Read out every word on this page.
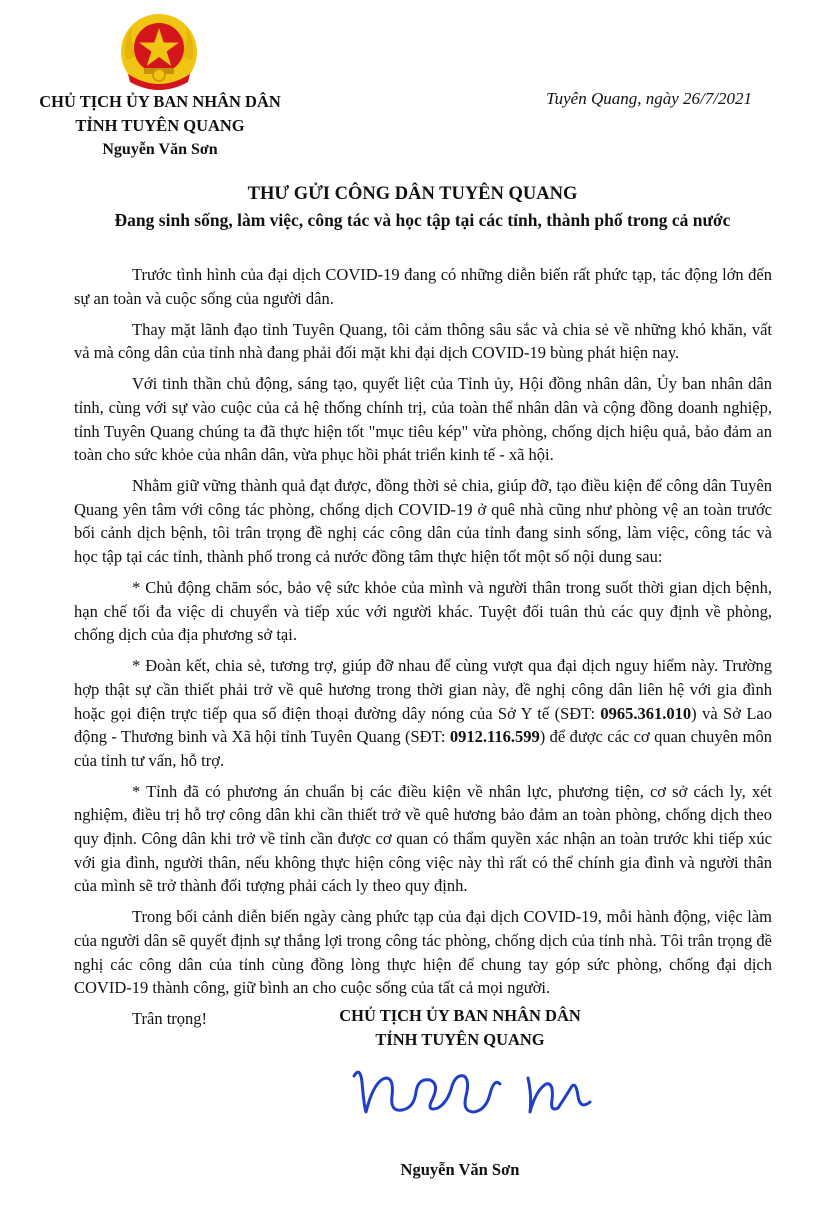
CHỦ TỊCH ỦY BAN NHÂN DÂN
TỈNH TUYÊN QUANG
Nguyễn Văn Sơn
Tuyên Quang, ngày 26/7/2021
THƯ GỬI CÔNG DÂN TUYÊN QUANG
Đang sinh sống, làm việc, công tác và học tập tại các tỉnh, thành phố trong cả nước

Trước tình hình của đại dịch COVID-19 đang có những diễn biến rất phức tạp, tác động lớn đến sự an toàn và cuộc sống của người dân.

Thay mặt lãnh đạo tỉnh Tuyên Quang, tôi cảm thông sâu sắc và chia sẻ về những khó khăn, vất vả mà công dân của tỉnh nhà đang phải đối mặt khi đại dịch COVID-19 bùng phát hiện nay.

Với tinh thần chủ động, sáng tạo, quyết liệt của Tỉnh ủy, Hội đồng nhân dân, Ủy ban nhân dân tỉnh, cùng với sự vào cuộc của cả hệ thống chính trị, của toàn thể nhân dân và cộng đồng doanh nghiệp, tỉnh Tuyên Quang chúng ta đã thực hiện tốt "mục tiêu kép" vừa phòng, chống dịch hiệu quả, bảo đảm an toàn cho sức khỏe của nhân dân, vừa phục hồi phát triển kinh tế - xã hội.

Nhằm giữ vững thành quả đạt được, đồng thời sẻ chia, giúp đỡ, tạo điều kiện để công dân Tuyên Quang yên tâm với công tác phòng, chống dịch COVID-19 ở quê nhà cũng như phòng vệ an toàn trước bối cảnh dịch bệnh, tôi trân trọng đề nghị các công dân của tỉnh đang sinh sống, làm việc, công tác và học tập tại các tỉnh, thành phố trong cả nước đồng tâm thực hiện tốt một số nội dung sau:

* Chủ động chăm sóc, bảo vệ sức khỏe của mình và người thân trong suốt thời gian dịch bệnh, hạn chế tối đa việc di chuyển và tiếp xúc với người khác. Tuyệt đối tuân thủ các quy định về phòng, chống dịch của địa phương sở tại.

* Đoàn kết, chia sẻ, tương trợ, giúp đỡ nhau để cùng vượt qua đại dịch nguy hiểm này. Trường hợp thật sự cần thiết phải trở về quê hương trong thời gian này, đề nghị công dân liên hệ với gia đình hoặc gọi điện trực tiếp qua số điện thoại đường dây nóng của Sở Y tế (SĐT: 0965.361.010) và Sở Lao động - Thương binh và Xã hội tỉnh Tuyên Quang (SĐT: 0912.116.599) để được các cơ quan chuyên môn của tỉnh tư vấn, hỗ trợ.

* Tỉnh đã có phương án chuẩn bị các điều kiện về nhân lực, phương tiện, cơ sở cách ly, xét nghiệm, điều trị hỗ trợ công dân khi cần thiết trở về quê hương bảo đảm an toàn phòng, chống dịch theo quy định. Công dân khi trở về tỉnh cần được cơ quan có thẩm quyền xác nhận an toàn trước khi tiếp xúc với gia đình, người thân, nếu không thực hiện công việc này thì rất có thể chính gia đình và người thân của mình sẽ trở thành đối tượng phải cách ly theo quy định.

Trong bối cảnh diễn biến ngày càng phức tạp của đại dịch COVID-19, mỗi hành động, việc làm của người dân sẽ quyết định sự thắng lợi trong công tác phòng, chống dịch của tỉnh nhà. Tôi trân trọng đề nghị các công dân của tỉnh cùng đồng lòng thực hiện để chung tay góp sức phòng, chống đại dịch COVID-19 thành công, giữ bình an cho cuộc sống của tất cả mọi người.

Trân trọng!	CHỦ TỊCH ỦY BAN NHÂN DÂN
TỈNH TUYÊN QUANG
Nguyễn Văn Sơn
